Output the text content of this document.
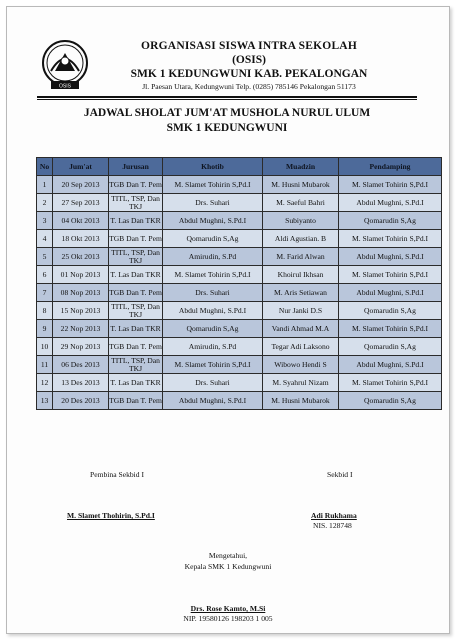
OSIS
ORGANISASI SISWA INTRA SEKOLAH
(OSIS)
SMK 1 KEDUNGWUNI KAB. PEKALONGAN
Jl. Paesan Utara, Kedungwuni Telp. (0285) 785146 Pekalongan 51173
JADWAL SHOLAT JUM'AT MUSHOLA NURUL ULUM
SMK 1 KEDUNGWUNI
No	Jum'at	Jurusan	Khotib	Muadzin	Pendamping
1	20 Sep 2013	TGB Dan T. Pem	M. Slamet Tohirin S,Pd.I	M. Husni Mubarok	M. Slamet Tohirin S,Pd.I
2	27 Sep 2013	TITL, TSP, Dan TKJ	Drs. Suhari	M. Saeful Bahri	Abdul Mughni, S.Pd.I
3	04 Okt 2013	T. Las Dan TKR	Abdul Mughni, S.Pd.I	Subiyanto	Qomarudin S,Ag
4	18 Okt 2013	TGB Dan T. Pem	Qomarudin S,Ag	Aldi Agustian. B	M. Slamet Tohirin S,Pd.I
5	25 Okt 2013	TITL, TSP, Dan TKJ	Amirudin, S.Pd	M. Farid Alwan	Abdul Mughni, S.Pd.I
6	01 Nop 2013	T. Las Dan TKR	M. Slamet Tohirin S,Pd.I	Khoirul Ikhsan	M. Slamet Tohirin S,Pd.I
7	08 Nop 2013	TGB Dan T. Pem	Drs. Suhari	M. Aris Setiawan	Abdul Mughni, S.Pd.I
8	15 Nop 2013	TITL, TSP, Dan TKJ	Abdul Mughni, S.Pd.I	Nur Janki D.S	Qomarudin S,Ag
9	22 Nop 2013	T. Las Dan TKR	Qomarudin S,Ag	Vandi Ahmad M.A	M. Slamet Tohirin S,Pd.I
10	29 Nop 2013	TGB Dan T. Pem	Amirudin, S.Pd	Tegar Adi Laksono	Qomarudin S,Ag
11	06 Des 2013	TITL, TSP, Dan TKJ	M. Slamet Tohirin S,Pd.I	Wibowo Hendi S	Abdul Mughni, S.Pd.I
12	13 Des 2013	T. Las Dan TKR	Drs. Suhari	M. Syahrul Nizam	M. Slamet Tohirin S,Pd.I
13	20 Des 2013	TGB Dan T. Pem	Abdul Mughni, S.Pd.I	M. Husni Mubarok	Qomarudin S,Ag
Pembina Sekbid I
M. Slamet Thohirin, S.Pd.I
Sekbid I
Adi Rukhama
NIS. 128748
Mengetahui,
Kepala SMK 1 Kedungwuni
Drs. Rose Kamto, M.Si
NIP. 19580126 198203 1 005
